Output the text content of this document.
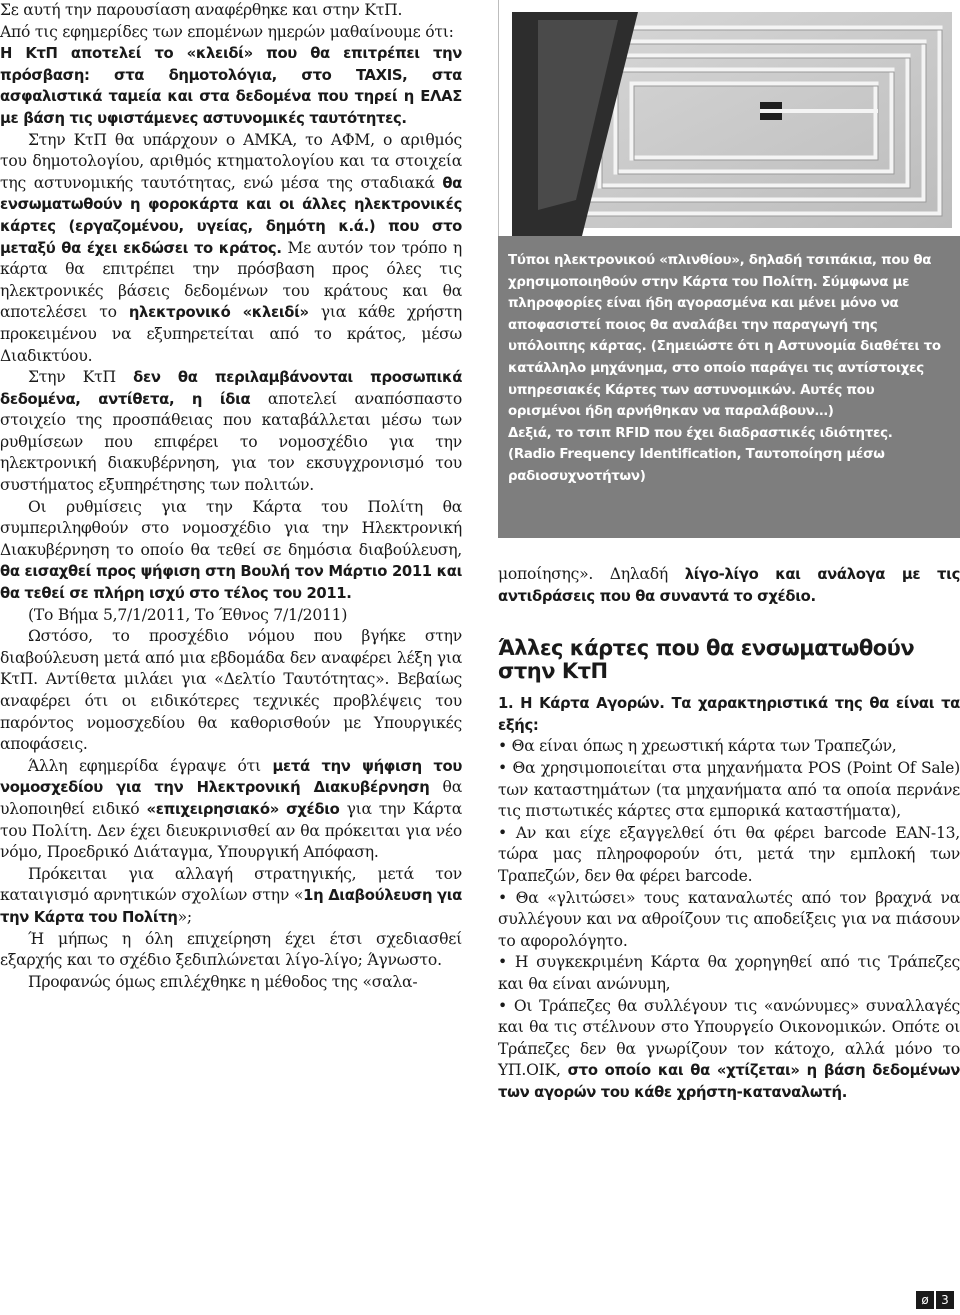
Σε αυτή την παρουσίαση αναφέρθηκε και στην ΚτΠ.

Από τις εφημερίδες των επομένων ημερών μαθαίνουμε ότι:

Η ΚτΠ αποτελεί το «κλειδί» που θα επιτρέπει την πρόσβαση: στα δημοτολόγια, στο TAXIS, στα ασφαλιστικά ταμεία και στα δεδομένα που τηρεί η ΕΛΑΣ με βάση τις υφιστάμενες αστυνομικές ταυτότητες.

Στην ΚτΠ θα υπάρχουν ο ΑΜΚΑ, το ΑΦΜ, ο αριθμός του δημοτολογίου, αριθμός κτηματολογίου και τα στοιχεία της αστυνομικής ταυτότητας, ενώ μέσα της σταδιακά θα ενσωματωθούν η φοροκάρτα και οι άλλες ηλεκτρονικές κάρτες (εργαζομένου, υγείας, δημότη κ.ά.) που στο μεταξύ θα έχει εκδώσει το κράτος. Με αυτόν τον τρόπο η κάρτα θα επιτρέπει την πρόσβαση προς όλες τις ηλεκτρονικές βάσεις δεδομένων του κράτους και θα αποτελέσει το ηλεκτρονικό «κλειδί» για κάθε χρήστη προκειμένου να εξυπηρετείται από το κράτος, μέσω Διαδικτύου.

Στην ΚτΠ δεν θα περιλαμβάνονται προσωπικά δεδομένα, αντίθετα, η ίδια αποτελεί αναπόσπαστο στοιχείο της προσπάθειας που καταβάλλεται μέσω των ρυθμίσεων που επιφέρει το νομοσχέδιο για την ηλεκτρονική διακυβέρνηση, για τον εκσυγχρονισμό του συστήματος εξυπηρέτησης των πολιτών.

Οι ρυθμίσεις για την Κάρτα του Πολίτη θα συμπεριληφθούν στο νομοσχέδιο για την Ηλεκτρονική Διακυβέρνηση το οποίο θα τεθεί σε δημόσια διαβούλευση, θα εισαχθεί προς ψήφιση στη Βουλή τον Μάρτιο 2011 και θα τεθεί σε πλήρη ισχύ στο τέλος του 2011.

(Το Βήμα 5,7/1/2011, Το Έθνος 7/1/2011)

Ωστόσο, το προσχέδιο νόμου που βγήκε στην διαβούλευση μετά από μια εβδομάδα δεν αναφέρει λέξη για ΚτΠ. Αντίθετα μιλάει για «Δελτίο Ταυτότητας». Βεβαίως αναφέρει ότι οι ειδικότερες τεχνικές προβλέψεις του παρόντος νομοσχεδίου θα καθορισθούν με Υπουργικές αποφάσεις.

Άλλη εφημερίδα έγραψε ότι μετά την ψήφιση του νομοσχεδίου για την Ηλεκτρονική Διακυβέρνηση θα υλοποιηθεί ειδικό «επιχειρησιακό» σχέδιο για την Κάρτα του Πολίτη. Δεν έχει διευκρινισθεί αν θα πρόκειται για νέο νόμο, Προεδρικό Διάταγμα, Υπουργική Απόφαση.

Πρόκειται για αλλαγή στρατηγικής, μετά τον καταιγισμό αρνητικών σχολίων στην «1η Διαβούλευση για την Κάρτα του Πολίτη»;

Ή μήπως η όλη επιχείρηση έχει έτσι σχεδιασθεί εξαρχής και το σχέδιο ξεδιπλώνεται λίγο-λίγο; Άγνωστο.

Προφανώς όμως επιλέχθηκε η μέθοδος της «σαλα-

Τύποι ηλεκτρονικού «πλινθίου», δηλαδή τσιπάκια, που θα χρησιμοποιηθούν στην Κάρτα του Πολίτη. Σύμφωνα με πληροφορίες είναι ήδη αγορασμένα και μένει μόνο να αποφασιστεί ποιος θα αναλάβει την παραγωγή της υπόλοιπης κάρτας. (Σημειώστε ότι η Αστυνομία διαθέτει το κατάλληλο μηχάνημα, στο οποίο παράγει τις αντίστοιχες υπηρεσιακές Κάρτες των αστυνομικών. Αυτές που ορισμένοι ήδη αρνήθηκαν να παραλάβουν…)

Δεξιά, το τσιπ RFID που έχει διαδραστικές ιδιότητες.

(Radio Frequency Identification, Ταυτοποίηση μέσω ραδιοσυχνοτήτων)

μοποίησης». Δηλαδή λίγο-λίγο και ανάλογα με τις αντιδράσεις που θα συναντά το σχέδιο.

Άλλες κάρτες που θα ενσωματωθούν στην ΚτΠ

1. Η Κάρτα Αγορών. Τα χαρακτηριστικά της θα είναι τα εξής:

• Θα είναι όπως η χρεωστική κάρτα των Τραπεζών,

• Θα χρησιμοποιείται στα μηχανήματα POS (Point Of Sale) των καταστημάτων (τα μηχανήματα από τα οποία περνάνε τις πιστωτικές κάρτες στα εμπορικά καταστήματα),

• Αν και είχε εξαγγελθεί ότι θα φέρει barcode EAN-13, τώρα μας πληροφορούν ότι, μετά την εμπλοκή των Τραπεζών, δεν θα φέρει barcode.

• Θα «γλιτώσει» τους καταναλωτές από τον βραχνά να συλλέγουν και να αθροίζουν τις αποδείξεις για να πιάσουν το αφορολόγητο.

• Η συγκεκριμένη Κάρτα θα χορηγηθεί από τις Τράπεζες και θα είναι ανώνυμη,

• Οι Τράπεζες θα συλλέγουν τις «ανώνυμες» συναλλαγές και θα τις στέλνουν στο Υπουργείο Οικονομικών. Οπότε οι Τράπεζες δεν θα γνωρίζουν τον κάτοχο, αλλά μόνο το ΥΠ.ΟΙΚ, στο οποίο και θα «χτίζεται» η βάση δεδομένων των αγορών του κάθε χρήστη-καταναλωτή.

ø	3
